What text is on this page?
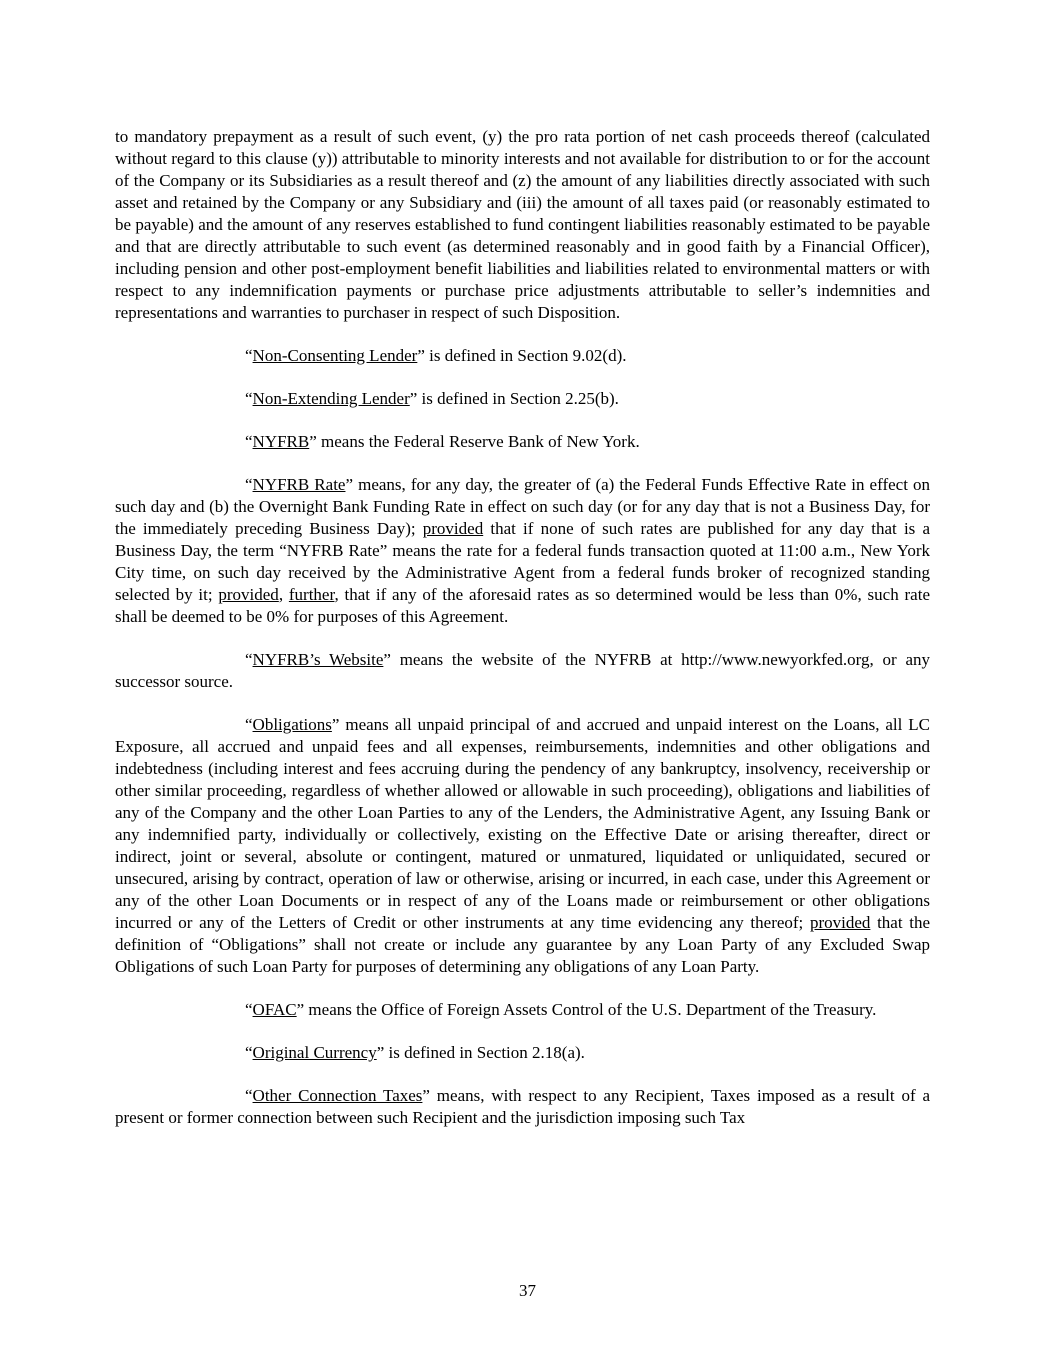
to mandatory prepayment as a result of such event, (y) the pro rata portion of net cash proceeds thereof (calculated without regard to this clause (y)) attributable to minority interests and not available for distribution to or for the account of the Company or its Subsidiaries as a result thereof and (z) the amount of any liabilities directly associated with such asset and retained by the Company or any Subsidiary and (iii) the amount of all taxes paid (or reasonably estimated to be payable) and the amount of any reserves established to fund contingent liabilities reasonably estimated to be payable and that are directly attributable to such event (as determined reasonably and in good faith by a Financial Officer), including pension and other post-employment benefit liabilities and liabilities related to environmental matters or with respect to any indemnification payments or purchase price adjustments attributable to seller’s indemnities and representations and warranties to purchaser in respect of such Disposition.

“Non-Consenting Lender” is defined in Section 9.02(d).

“Non-Extending Lender” is defined in Section 2.25(b).

“NYFRB” means the Federal Reserve Bank of New York.

“NYFRB Rate” means, for any day, the greater of (a) the Federal Funds Effective Rate in effect on such day and (b) the Overnight Bank Funding Rate in effect on such day (or for any day that is not a Business Day, for the immediately preceding Business Day); provided that if none of such rates are published for any day that is a Business Day, the term “NYFRB Rate” means the rate for a federal funds transaction quoted at 11:00 a.m., New York City time, on such day received by the Administrative Agent from a federal funds broker of recognized standing selected by it; provided, further, that if any of the aforesaid rates as so determined would be less than 0%, such rate shall be deemed to be 0% for purposes of this Agreement.

“NYFRB’s Website” means the website of the NYFRB at http://www.newyorkfed.org, or any successor source.

“Obligations” means all unpaid principal of and accrued and unpaid interest on the Loans, all LC Exposure, all accrued and unpaid fees and all expenses, reimbursements, indemnities and other obligations and indebtedness (including interest and fees accruing during the pendency of any bankruptcy, insolvency, receivership or other similar proceeding, regardless of whether allowed or allowable in such proceeding), obligations and liabilities of any of the Company and the other Loan Parties to any of the Lenders, the Administrative Agent, any Issuing Bank or any indemnified party, individually or collectively, existing on the Effective Date or arising thereafter, direct or indirect, joint or several, absolute or contingent, matured or unmatured, liquidated or unliquidated, secured or unsecured, arising by contract, operation of law or otherwise, arising or incurred, in each case, under this Agreement or any of the other Loan Documents or in respect of any of the Loans made or reimbursement or other obligations incurred or any of the Letters of Credit or other instruments at any time evidencing any thereof; provided that the definition of “Obligations” shall not create or include any guarantee by any Loan Party of any Excluded Swap Obligations of such Loan Party for purposes of determining any obligations of any Loan Party.

“OFAC” means the Office of Foreign Assets Control of the U.S. Department of the Treasury.

“Original Currency” is defined in Section 2.18(a).

“Other Connection Taxes” means, with respect to any Recipient, Taxes imposed as a result of a present or former connection between such Recipient and the jurisdiction imposing such Tax

37
